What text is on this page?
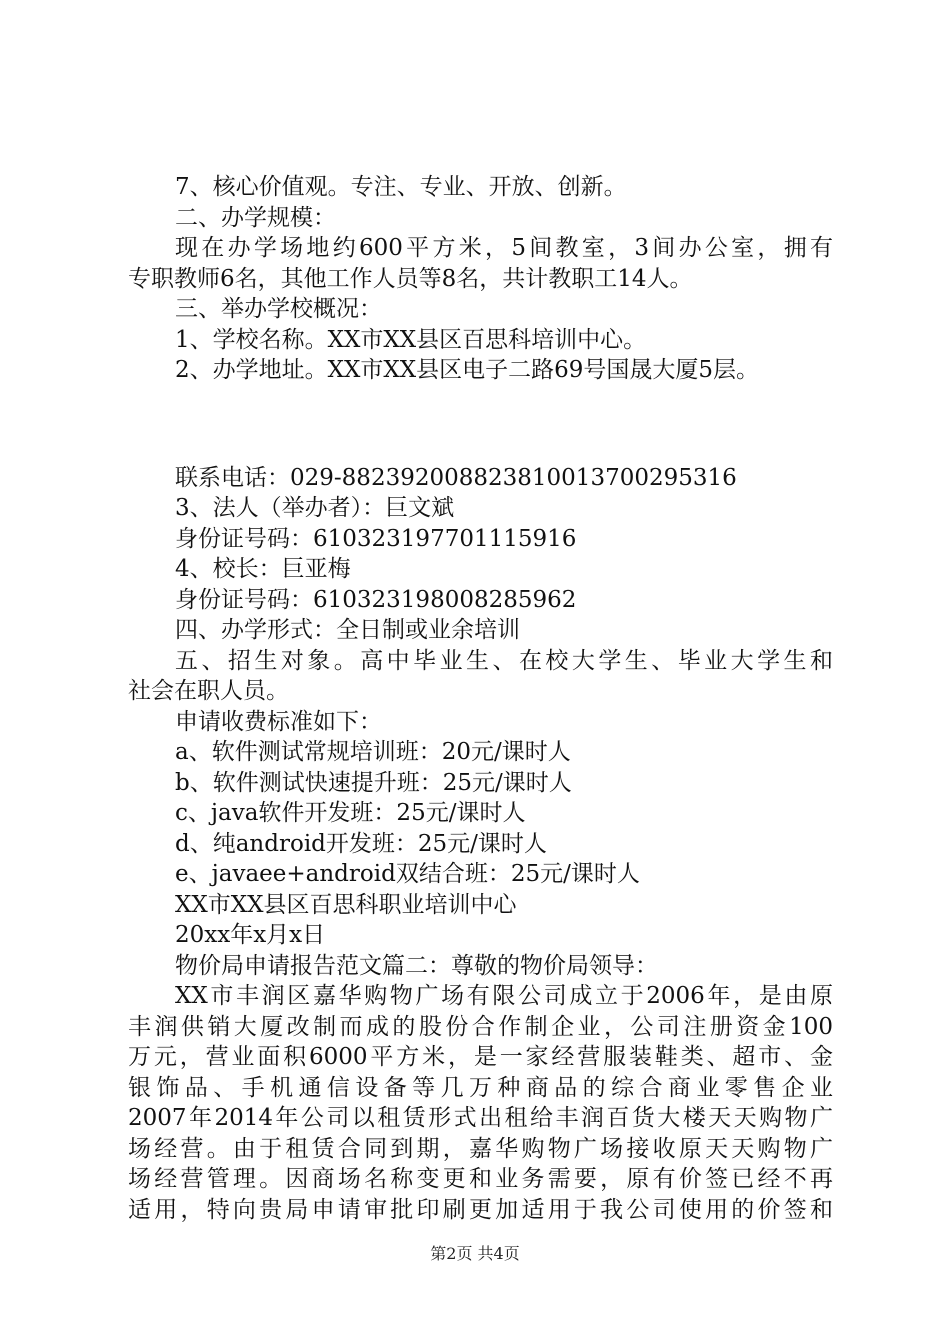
7、核心价值观。专注、专业、开放、创新。

二、办学规模：

现在办学场地约600平方米，5间教室，3间办公室，拥有

专职教师6名，其他工作人员等8名，共计教职工14人。

三、举办学校概况：

1、学校名称。XX市XX县区百思科培训中心。

2、办学地址。XX市XX县区电子二路69号国晟大厦5层。

联系电话：029-88239200882381001370029531​6

3、法人（举办者）：巨文斌

身份证号码：610323197701115916

4、校长：巨亚梅

身份证号码：610323198008285962

四、办学形式：全日制或业余培训

五、招生对象。高中毕业生、在校大学生、毕业大学生和

社会在职人员。

申请收费标准如下：

a、软件测试常规培训班：20元/课时人

b、软件测试快速提升班：25元/课时人

c、java软件开发班：25元/课时人

d、纯android开发班：25元/课时人

e、javaee+android双结合班：25元/课时人

XX市XX县区百思科职业培训中心

20xx年x月x日

物价局申请报告范文篇二：尊敬的物价局领导：

XX市丰润区嘉华购物广场有限公司成立于2006年，是由原

丰润供销大厦改制而成的股份合作制企业，公司注册资金100

万元，营业面积6000平方米，是一家经营服装鞋类、超市、金

银饰品、手机通信设备等几万种商品的综合商业零售企业

2007年2014年公司以租赁形式出租给丰润百货大楼天天购物广

场经营。由于租赁合同到期，嘉华购物广场接收原天天购物广

场经营管理。因商场名称变更和业务需要，原有价签已经不再

适用，特向贵局申请审批印刷更加适用于我公司使用的价签和

第2页 共4页
